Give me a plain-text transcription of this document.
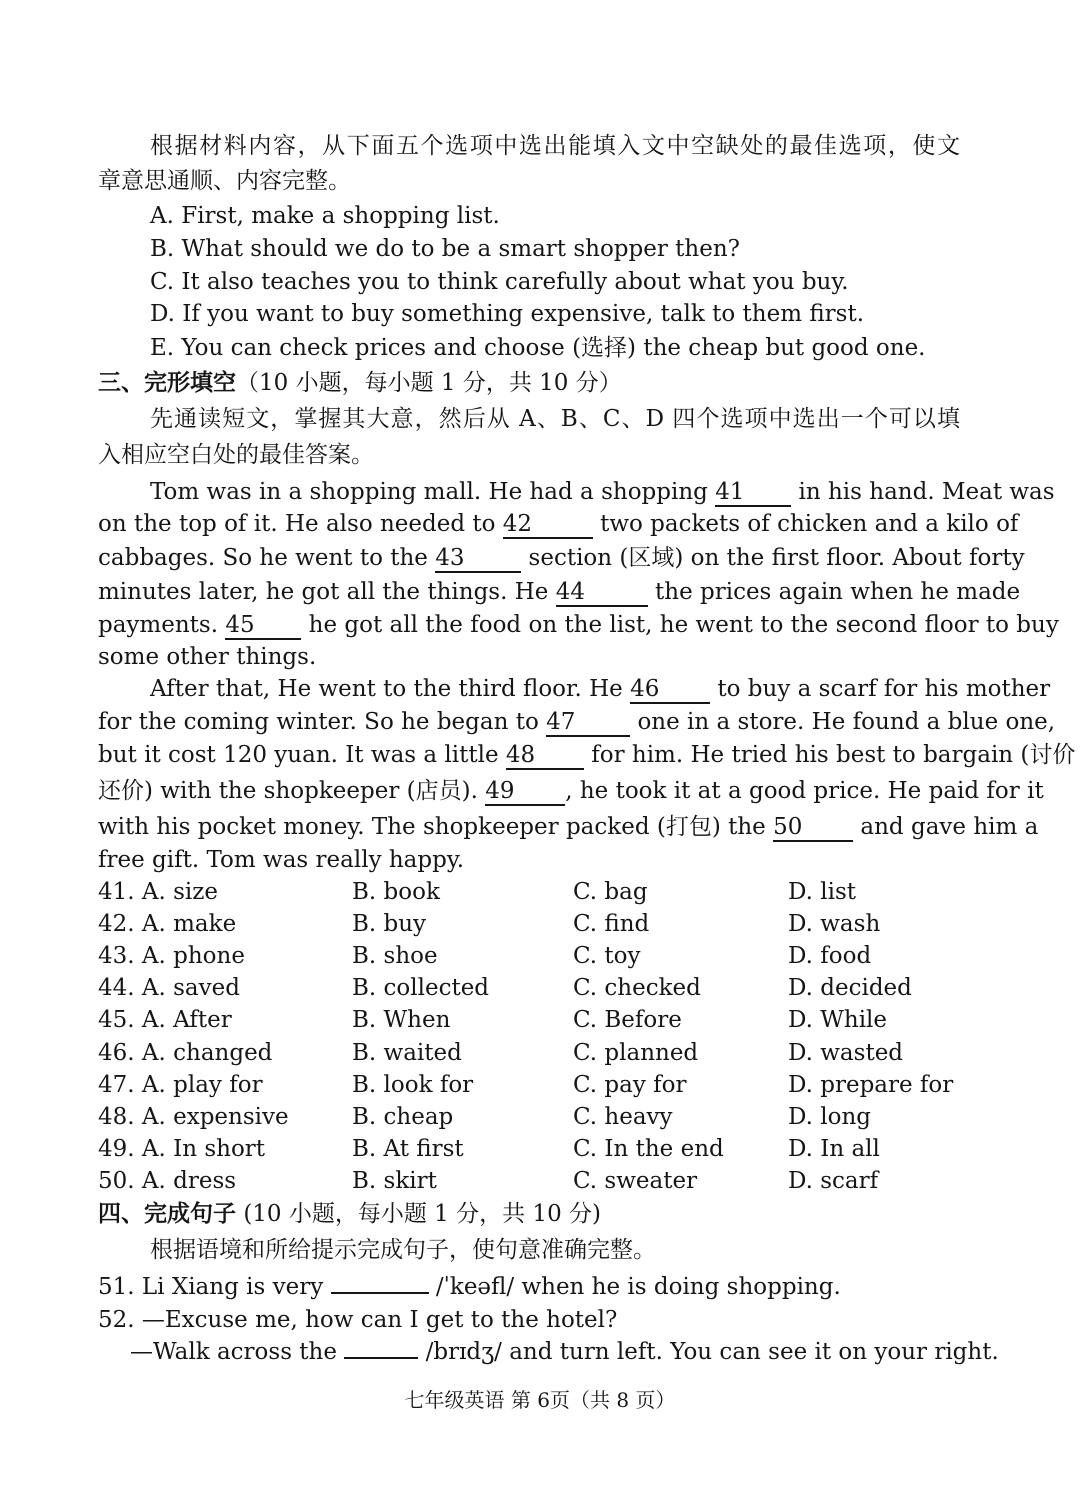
根据材料内容，从下面五个选项中选出能填入文中空缺处的最佳选项，使文
章意思通顺、内容完整。
A. First, make a shopping list.
B. What should we do to be a smart shopper then?
C. It also teaches you to think carefully about what you buy.
D. If you want to buy something expensive, talk to them first.
E. You can check prices and choose (选择) the cheap but good one.
三、完形填空（10 小题，每小题 1 分，共 10 分）
先通读短文，掌握其大意，然后从 A、B、C、D 四个选项中选出一个可以填
入相应空白处的最佳答案。
Tom was in a shopping mall. He had a shopping 41 in his hand. Meat was
on the top of it. He also needed to 42	two packets of chicken and a kilo of
cabbages. So he went to the 43	section (区域) on the first floor. About forty
minutes later, he got all the things. He 44	the prices again when he made
payments. 45 he got all the food on the list, he went to the second floor to buy
some other things.
After that, He went to the third floor. He 46	to buy a scarf for his mother
for the coming winter. So he began to 47	one in a store. He found a blue one,
but it cost 120 yuan. It was a little 48 for him. He tried his best to bargain (讨价
还价) with the shopkeeper (店员). 49 , he took it at a good price. He paid for it
with his pocket money. The shopkeeper packed (打包) the 50	and gave him a
free gift. Tom was really happy.
41. A. size	B. book	C. bag	D. list
42. A. make	B. buy	C. find	D. wash
43. A. phone	B. shoe	C. toy	D. food
44. A. saved	B. collected	C. checked	D. decided
45. A. After	B. When	C. Before	D. While
46. A. changed	B. waited	C. planned	D. wasted
47. A. play for	B. look for	C. pay for	D. prepare for
48. A. expensive	B. cheap	C. heavy	D. long
49. A. In short	B. At first	C. In the end	D. In all
50. A. dress	B. skirt	C. sweater	D. scarf
四、完成句子 (10 小题，每小题 1 分，共 10 分)
根据语境和所给提示完成句子，使句意准确完整。
51. Li Xiang is very	/ˈkeəfl/ when he is doing shopping.
52. —Excuse me, how can I get to the hotel?
—Walk across the	/brɪdʒ/ and turn left. You can see it on your right.
七年级英语 第 6页（共 8 页）
